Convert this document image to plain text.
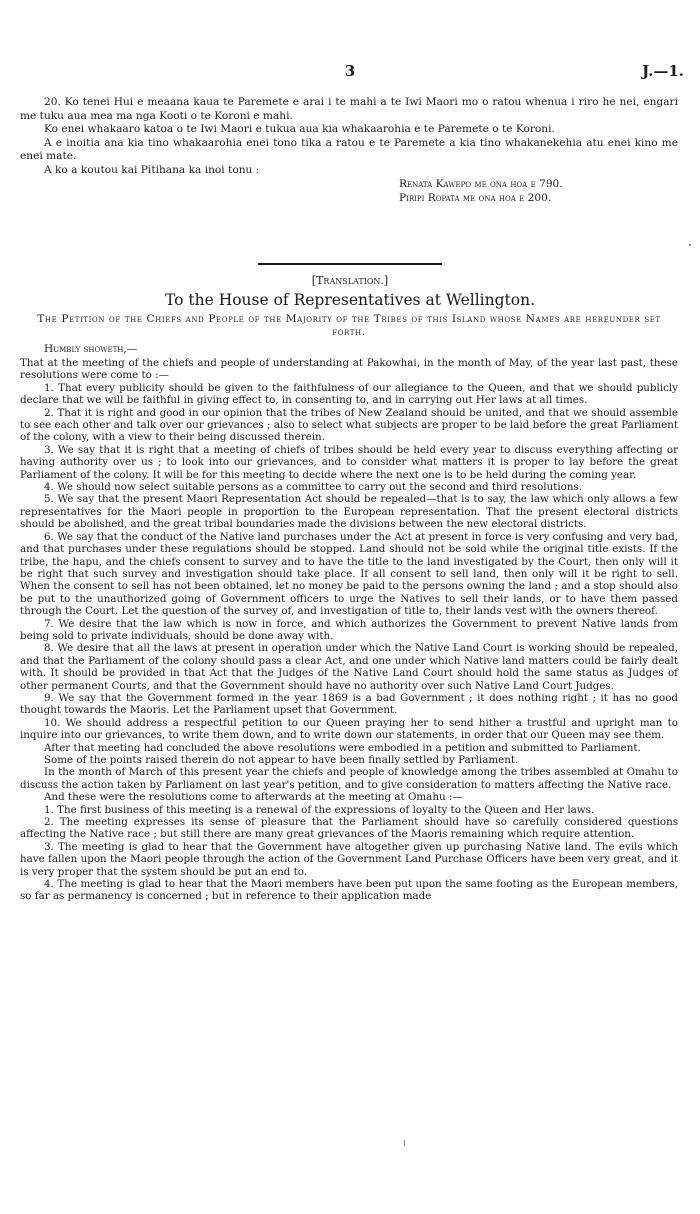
3	J.—1.

20. Ko tenei Hui e meaana kaua te Paremete e arai i te mahi a te Iwi Maori mo o ratou whenua i riro he nei, engari me tuku aua mea ma nga Kooti o te Koroni e mahi.

Ko enei whakaaro katoa o te Iwi Maori e tukua aua kia whakaarohia e te Paremete o te Koroni.

A e inoitia ana kia tino whakaarohia enei tono tika a ratou e te Paremete a kia tino whakanekehia atu enei kino me enei mate.

A ko a koutou kai Pitihana ka inoi tonu :

Renata Kawepo me ona hoa e 790.
Piripi Ropata me ona hoa e 200.
[Translation.]
To the House of Representatives at Wellington.
The Petition of the Chiefs and People of the Majority of the Tribes of this Island whose Names are hereunder set forth.
Humbly showeth,—

That at the meeting of the chiefs and people of understanding at Pakowhai, in the month of May, of the year last past, these resolutions were come to :—

1. That every publicity should be given to the faithfulness of our allegiance to the Queen, and that we should publicly declare that we will be faithful in giving effect to, in consenting to, and in carrying out Her laws at all times.

2. That it is right and good in our opinion that the tribes of New Zealand should be united, and that we should assemble to see each other and talk over our grievances ; also to select what subjects are proper to be laid before the great Parliament of the colony, with a view to their being discussed therein.

3. We say that it is right that a meeting of chiefs of tribes should be held every year to discuss everything affecting or having authority over us ; to look into our grievances, and to consider what matters it is proper to lay before the great Parliament of the colony. It will be for this meeting to decide where the next one is to be held during the coming year.

4. We should now select suitable persons as a committee to carry out the second and third resolutions.

5. We say that the present Maori Representation Act should be repealed—that is to say, the law which only allows a few representatives for the Maori people in proportion to the European representation. That the present electoral districts should be abolished, and the great tribal boundaries made the divisions between the new electoral districts.

6. We say that the conduct of the Native land purchases under the Act at present in force is very confusing and very bad, and that purchases under these regulations should be stopped. Land should not be sold while the original title exists. If the tribe, the hapu, and the chiefs consent to survey and to have the title to the land investigated by the Court, then only will it be right that such survey and investigation should take place. If all consent to sell land, then only will it be right to sell. When the consent to sell has not been obtained, let no money be paid to the persons owning the land ; and a stop should also be put to the unauthorized going of Government officers to urge the Natives to sell their lands, or to have them passed through the Court. Let the question of the survey of, and investigation of title to, their lands vest with the owners thereof.

7. We desire that the law which is now in force, and which authorizes the Government to prevent Native lands from being sold to private individuals, should be done away with.

8. We desire that all the laws at present in operation under which the Native Land Court is working should be repealed, and that the Parliament of the colony should pass a clear Act, and one under which Native land matters could be fairly dealt with. It should be provided in that Act that the Judges of the Native Land Court should hold the same status as Judges of other permanent Courts, and that the Government should have no authority over such Native Land Court Judges.

9. We say that the Government formed in the year 1869 is a bad Government ; it does nothing right ; it has no good thought towards the Maoris. Let the Parliament upset that Government.

10. We should address a respectful petition to our Queen praying her to send hither a trustful and upright man to inquire into our grievances, to write them down, and to write down our statements, in order that our Queen may see them.

After that meeting had concluded the above resolutions were embodied in a petition and submitted to Parliament.

Some of the points raised therein do not appear to have been finally settled by Parliament.

In the month of March of this present year the chiefs and people of knowledge among the tribes assembled at Omahu to discuss the action taken by Parliament on last year's petition, and to give consideration to matters affecting the Native race.

And these were the resolutions come to afterwards at the meeting at Omahu :—

1. The first business of this meeting is a renewal of the expressions of loyalty to the Queen and Her laws.

2. The meeting expresses its sense of pleasure that the Parliament should have so carefully considered questions affecting the Native race ; but still there are many great grievances of the Maoris remaining which require attention.

3. The meeting is glad to hear that the Government have altogether given up purchasing Native land. The evils which have fallen upon the Maori people through the action of the Government Land Purchase Officers have been very great, and it is very proper that the system should be put an end to.

4. The meeting is glad to hear that the Maori members have been put upon the same footing as the European members, so far as permanency is concerned ; but in reference to their application made
